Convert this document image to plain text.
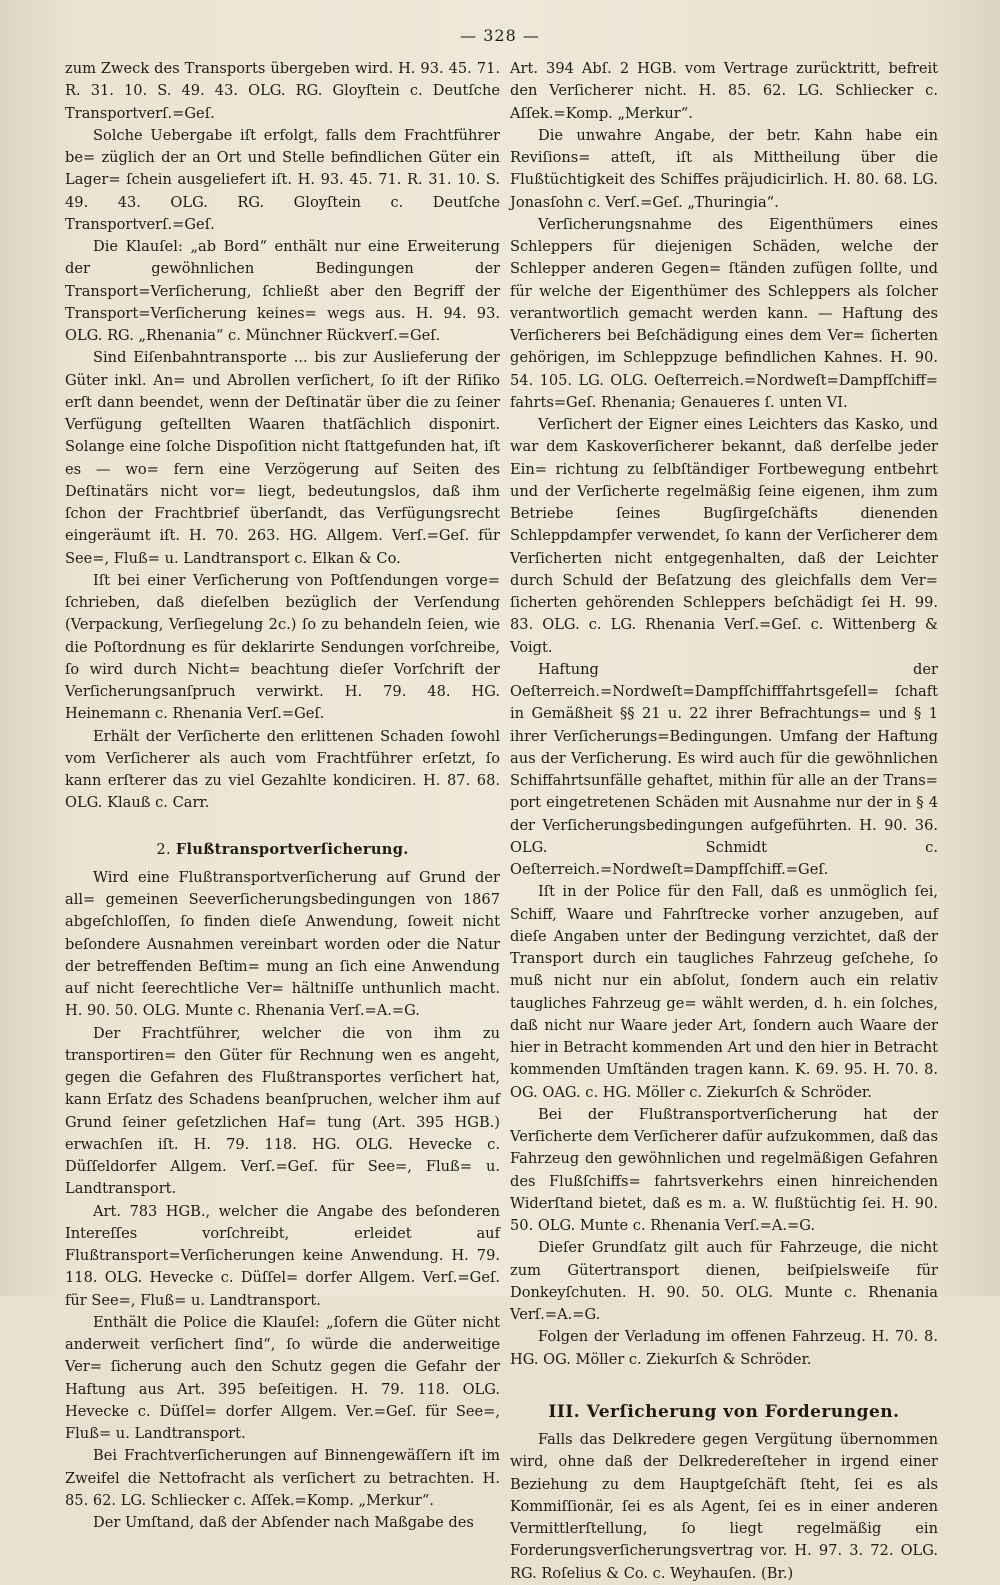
— 328 —

zum Zweck des Transports übergeben wird. H. 93. 45. 71. R. 31. 10. S. 49. 43. OLG. RG. Gloyſtein c. Deutſche Transportverſ.=Geſ.

Solche Uebergabe iſt erfolgt, falls dem Frachtführer be= züglich der an Ort und Stelle befindlichen Güter ein Lager= ſchein ausgeliefert iſt. H. 93. 45. 71. R. 31. 10. S. 49. 43. OLG. RG. Gloyſtein c. Deutſche Transportverſ.=Geſ.

Die Klauſel: „ab Bord“ enthält nur eine Erweiterung der gewöhnlichen Bedingungen der Transport=Verſicherung, ſchließt aber den Begriff der Transport=Verſicherung keines= wegs aus. H. 94. 93. OLG. RG. „Rhenania“ c. Münchner Rückverſ.=Geſ.

Sind Eiſenbahntransporte ... bis zur Auslieferung der Güter inkl. An= und Abrollen verſichert, ſo iſt der Riſiko erſt dann beendet, wenn der Deſtinatär über die zu ſeiner Verfügung geſtellten Waaren thatſächlich disponirt. Solange eine ſolche Dispoſition nicht ſtattgefunden hat, iſt es — wo= fern eine Verzögerung auf Seiten des Deſtinatärs nicht vor= liegt, bedeutungslos, daß ihm ſchon der Frachtbrief überſandt, das Verfügungsrecht eingeräumt iſt. H. 70. 263. HG. Allgem. Verſ.=Geſ. für See=, Fluß= u. Landtransport c. Elkan & Co.

Iſt bei einer Verſicherung von Poſtſendungen vorge= ſchrieben, daß dieſelben bezüglich der Verſendung (Verpackung, Verſiegelung 2c.) ſo zu behandeln ſeien, wie die Poſtordnung es für deklarirte Sendungen vorſchreibe, ſo wird durch Nicht= beachtung dieſer Vorſchrift der Verſicherungsanſpruch verwirkt. H. 79. 48. HG. Heinemann c. Rhenania Verſ.=Geſ.

Erhält der Verſicherte den erlittenen Schaden ſowohl vom Verſicherer als auch vom Frachtführer erſetzt, ſo kann erſterer das zu viel Gezahlte kondiciren. H. 87. 68. OLG. Klauß c. Carr.

2. Flußtransportverſicherung.

Wird eine Flußtransportverſicherung auf Grund der all= gemeinen Seeverſicherungsbedingungen von 1867 abgeſchloſſen, ſo finden dieſe Anwendung, ſoweit nicht beſondere Ausnahmen vereinbart worden oder die Natur der betreffenden Beſtim= mung an ſich eine Anwendung auf nicht ſeerechtliche Ver= hältniſſe unthunlich macht. H. 90. 50. OLG. Munte c. Rhenania Verſ.=A.=G.

Der Frachtführer, welcher die von ihm zu transportiren= den Güter für Rechnung wen es angeht, gegen die Gefahren des Flußtransportes verſichert hat, kann Erſatz des Schadens beanſpruchen, welcher ihm auf Grund ſeiner geſetzlichen Haf= tung (Art. 395 HGB.) erwachſen iſt. H. 79. 118. HG. OLG. Hevecke c. Düſſeldorfer Allgem. Verſ.=Geſ. für See=, Fluß= u. Landtransport.

Art. 783 HGB., welcher die Angabe des beſonderen Intereſſes vorſchreibt, erleidet auf Flußtransport=Verſicherungen keine Anwendung. H. 79. 118. OLG. Hevecke c. Düſſel= dorfer Allgem. Verſ.=Geſ. für See=, Fluß= u. Landtransport.

Enthält die Police die Klauſel: „ſofern die Güter nicht anderweit verſichert ſind“, ſo würde die anderweitige Ver= ſicherung auch den Schutz gegen die Gefahr der Haftung aus Art. 395 beſeitigen. H. 79. 118. OLG. Hevecke c. Düſſel= dorfer Allgem. Ver.=Geſ. für See=, Fluß= u. Landtransport.

Bei Frachtverſicherungen auf Binnengewäſſern iſt im Zweifel die Nettofracht als verſichert zu betrachten. H. 85. 62. LG. Schliecker c. Aſſek.=Komp. „Merkur“.

Der Umſtand, daß der Abſender nach Maßgabe des

Art. 394 Abſ. 2 HGB. vom Vertrage zurücktritt, befreit den Verſicherer nicht. H. 85. 62. LG. Schliecker c. Aſſek.=Komp. „Merkur“.

Die unwahre Angabe, der betr. Kahn habe ein Reviſions= atteſt, iſt als Mittheilung über die Flußtüchtigkeit des Schiffes präjudicirlich. H. 80. 68. LG. Jonasſohn c. Verſ.=Geſ. „Thuringia“.

Verſicherungsnahme des Eigenthümers eines Schleppers für diejenigen Schäden, welche der Schlepper anderen Gegen= ſtänden zufügen ſollte, und für welche der Eigenthümer des Schleppers als ſolcher verantwortlich gemacht werden kann. — Haftung des Verſicherers bei Beſchädigung eines dem Ver= ſicherten gehörigen, im Schleppzuge befindlichen Kahnes. H. 90. 54. 105. LG. OLG. Oeſterreich.=Nordweſt=Dampfſchiff= fahrts=Geſ. Rhenania; Genaueres ſ. unten VI.

Verſichert der Eigner eines Leichters das Kasko, und war dem Kaskoverſicherer bekannt, daß derſelbe jeder Ein= richtung zu ſelbſtändiger Fortbewegung entbehrt und der Verſicherte regelmäßig ſeine eigenen, ihm zum Betriebe ſeines Bugſirgeſchäfts dienenden Schleppdampfer verwendet, ſo kann der Verſicherer dem Verſicherten nicht entgegenhalten, daß der Leichter durch Schuld der Beſatzung des gleichfalls dem Ver= ſicherten gehörenden Schleppers beſchädigt ſei H. 99. 83. OLG. c. LG. Rhenania Verſ.=Geſ. c. Wittenberg & Voigt.

Haftung der Oeſterreich.=Nordweſt=Dampfſchifffahrtsgeſell= ſchaft in Gemäßheit §§ 21 u. 22 ihrer Befrachtungs= und § 1 ihrer Verſicherungs=Bedingungen. Umfang der Haftung aus der Verſicherung. Es wird auch für die gewöhnlichen Schiffahrtsunfälle gehaftet, mithin für alle an der Trans= port eingetretenen Schäden mit Ausnahme nur der in § 4 der Verſicherungsbedingungen aufgeführten. H. 90. 36. OLG. Schmidt c. Oeſterreich.=Nordweſt=Dampfſchiff.=Geſ.

Iſt in der Police für den Fall, daß es unmöglich ſei, Schiff, Waare und Fahrſtrecke vorher anzugeben, auf dieſe Angaben unter der Bedingung verzichtet, daß der Transport durch ein taugliches Fahrzeug geſchehe, ſo muß nicht nur ein abſolut, ſondern auch ein relativ taugliches Fahrzeug ge= wählt werden, d. h. ein ſolches, daß nicht nur Waare jeder Art, ſondern auch Waare der hier in Betracht kommenden Art und den hier in Betracht kommenden Umſtänden tragen kann. K. 69. 95. H. 70. 8. OG. OAG. c. HG. Möller c. Ziekurſch & Schröder.

Bei der Flußtransportverſicherung hat der Verſicherte dem Verſicherer dafür aufzukommen, daß das Fahrzeug den gewöhnlichen und regelmäßigen Gefahren des Flußſchiffs= fahrtsverkehrs einen hinreichenden Widerſtand bietet, daß es m. a. W. flußtüchtig ſei. H. 90. 50. OLG. Munte c. Rhenania Verſ.=A.=G.

Dieſer Grundſatz gilt auch für Fahrzeuge, die nicht zum Gütertransport dienen, beiſpielsweiſe für Donkeyſchuten. H. 90. 50. OLG. Munte c. Rhenania Verſ.=A.=G.

Folgen der Verladung im offenen Fahrzeug. H. 70. 8. HG. OG. Möller c. Ziekurſch & Schröder.

III. Verſicherung von Forderungen.

Falls das Delkredere gegen Vergütung übernommen wird, ohne daß der Delkredereſteher in irgend einer Beziehung zu dem Hauptgeſchäft ſteht, ſei es als Kommiſſionär, ſei es als Agent, ſei es in einer anderen Vermittlerſtellung, ſo liegt regelmäßig ein Forderungsverſicherungsvertrag vor. H. 97. 3. 72. OLG. RG. Roſelius & Co. c. Weyhauſen. (Br.)
